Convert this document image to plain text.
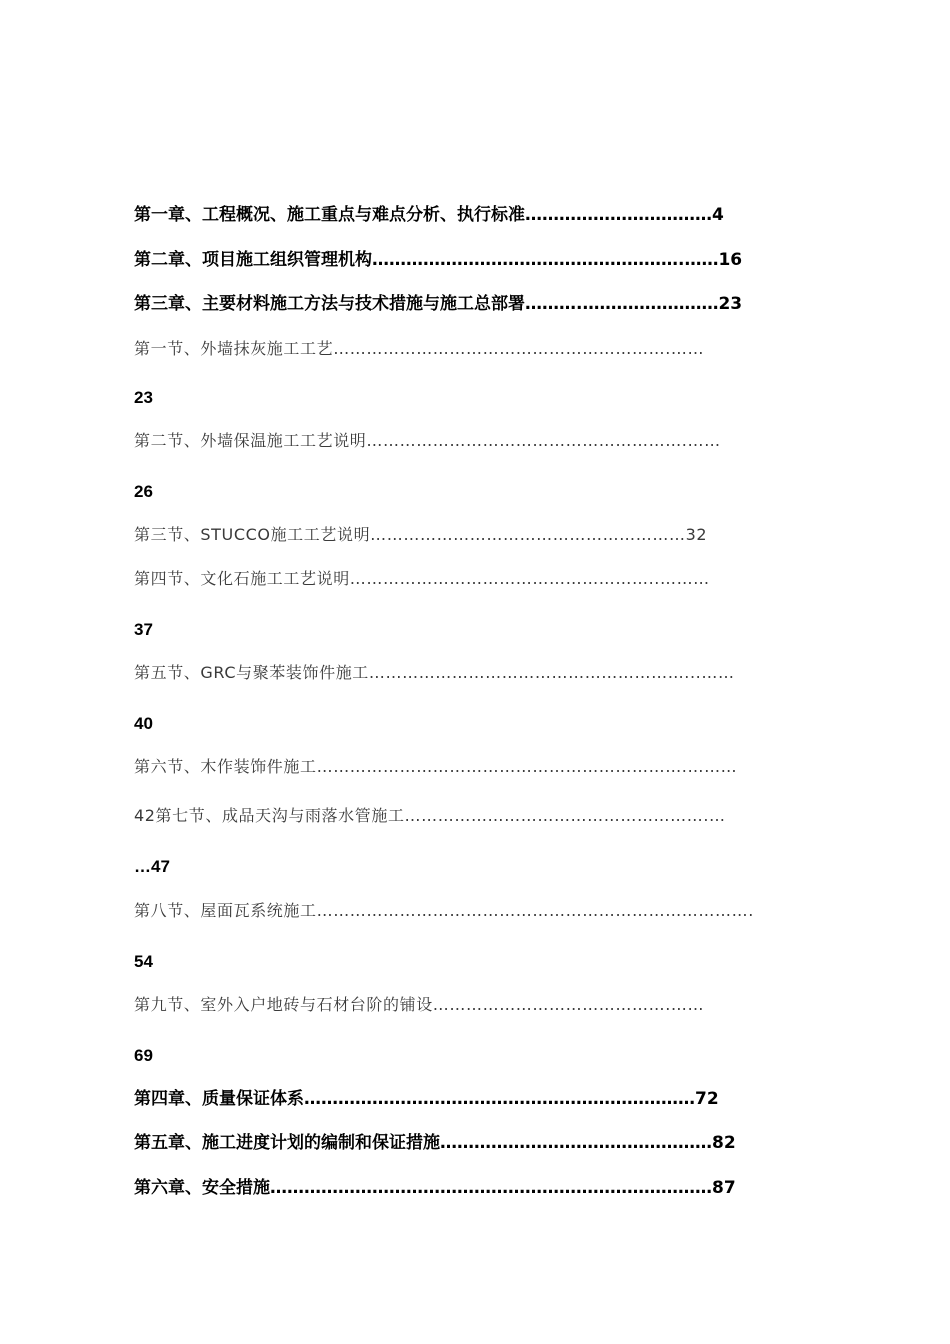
第一章、工程概况、施工重点与难点分析、执行标准……………………………4
第二章、项目施工组织管理机构……………………………………………….……16
第三章、主要材料施工方法与技术措施与施工总部署……….……………………23
第一节、外墙抹灰施工工艺…………………………………………………….……
23
第二节、外墙保温施工工艺说明………………………………………………….……
26
第三节、STUCCO施工工艺说明…………………………………………………32
第四节、文化石施工工艺说明………………………………………………..………
37
第五节、GRC与聚苯装饰件施工…………………………………………………...……
40
第六节、木作装饰件施工………………………………………………………….………
42第七节、成品天沟与雨落水管施工……………………………………………….…
…47
第八节、屋面瓦系统施工…………………………………………………………………….
54
第九节、室外入户地砖与石材台阶的铺设…………………………………….……
69
第四章、质量保证体系……………………………………………………………72
第五章、施工进度计划的编制和保证措施…………………………………………82
第六章、安全措施……………………………………………………………………87
